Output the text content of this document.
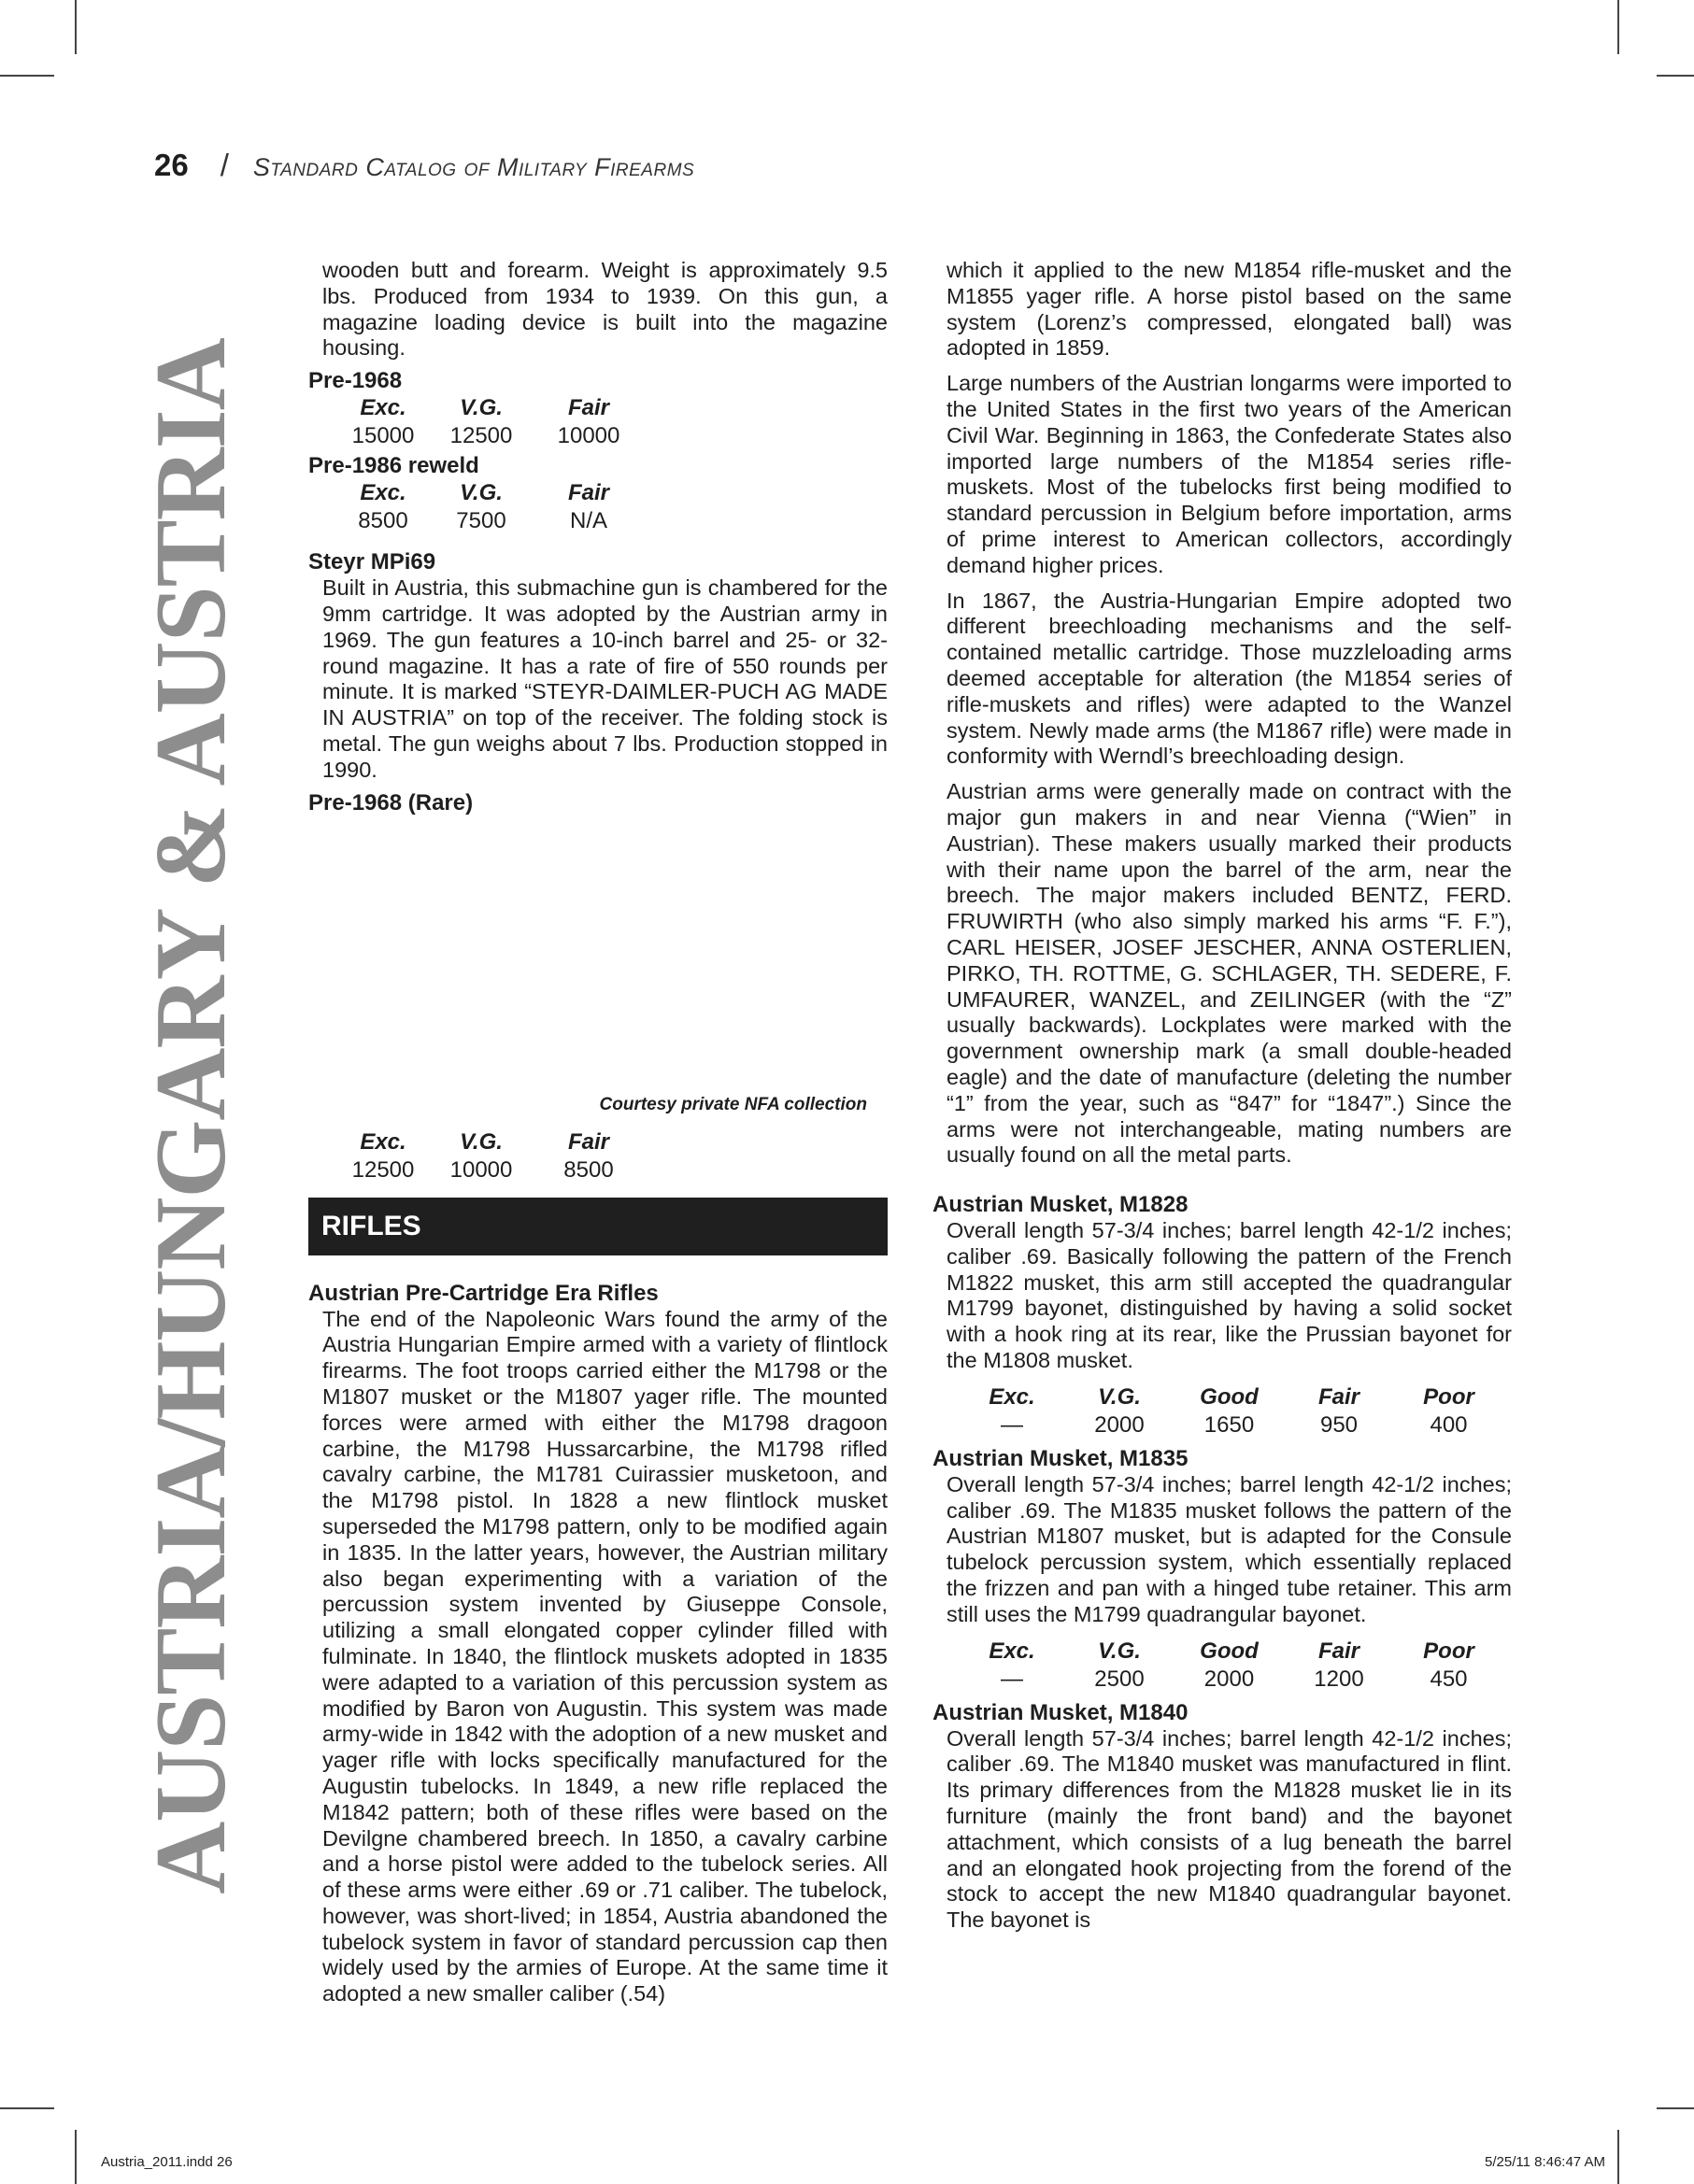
26 / Standard Catalog of Military Firearms
AUSTRIA/HUNGARY & AUSTRIA

wooden butt and forearm. Weight is approximately 9.5 lbs. Produced from 1934 to 1939. On this gun, a magazine loading device is built into the magazine housing.

Pre-1968

Exc.	V.G.	Fair
15000	12500	10000

Pre-1986 reweld

Exc.	V.G.	Fair
8500	7500	N/A

Steyr MPi69

Built in Austria, this submachine gun is chambered for the 9mm cartridge. It was adopted by the Austrian army in 1969. The gun features a 10-inch barrel and 25- or 32-round magazine. It has a rate of fire of 550 rounds per minute. It is marked “STEYR-DAIMLER-PUCH AG MADE IN AUSTRIA” on top of the receiver. The folding stock is metal. The gun weighs about 7 lbs. Production stopped in 1990.

Pre-1968 (Rare)

Courtesy private NFA collection

Exc.	V.G.	Fair
12500	10000	8500
RIFLES

Austrian Pre-Cartridge Era Rifles

The end of the Napoleonic Wars found the army of the Austria Hungarian Empire armed with a variety of flintlock firearms. The foot troops carried either the M1798 or the M1807 musket or the M1807 yager rifle. The mounted forces were armed with either the M1798 dragoon carbine, the M1798 Hussarcarbine, the M1798 rifled cavalry carbine, the M1781 Cuirassier musketoon, and the M1798 pistol. In 1828 a new flintlock musket superseded the M1798 pattern, only to be modified again in 1835. In the latter years, however, the Austrian military also began experimenting with a variation of the percussion system invented by Giuseppe Console, utilizing a small elongated copper cylinder filled with fulminate. In 1840, the flintlock muskets adopted in 1835 were adapted to a variation of this percussion system as modified by Baron von Augustin. This system was made army-wide in 1842 with the adoption of a new musket and yager rifle with locks specifically manufactured for the Augustin tubelocks. In 1849, a new rifle replaced the M1842 pattern; both of these rifles were based on the Devilgne chambered breech. In 1850, a cavalry carbine and a horse pistol were added to the tubelock series. All of these arms were either .69 or .71 caliber. The tubelock, however, was short-lived; in 1854, Austria abandoned the tubelock system in favor of standard percussion cap then widely used by the armies of Europe. At the same time it adopted a new smaller caliber (.54)

which it applied to the new M1854 rifle-musket and the M1855 yager rifle. A horse pistol based on the same system (Lorenz’s compressed, elongated ball) was adopted in 1859.

Large numbers of the Austrian longarms were imported to the United States in the first two years of the American Civil War. Beginning in 1863, the Confederate States also imported large numbers of the M1854 series rifle-muskets. Most of the tubelocks first being modified to standard percussion in Belgium before importation, arms of prime interest to American collectors, accordingly demand higher prices.

In 1867, the Austria-Hungarian Empire adopted two different breechloading mechanisms and the self-contained metallic cartridge. Those muzzleloading arms deemed acceptable for alteration (the M1854 series of rifle-muskets and rifles) were adapted to the Wanzel system. Newly made arms (the M1867 rifle) were made in conformity with Werndl’s breechloading design.

Austrian arms were generally made on contract with the major gun makers in and near Vienna (“Wien” in Austrian). These makers usually marked their products with their name upon the barrel of the arm, near the breech. The major makers included BENTZ, FERD. FRUWIRTH (who also simply marked his arms “F. F.”), CARL HEISER, JOSEF JESCHER, ANNA OSTERLIEN, PIRKO, TH. ROTTME, G. SCHLAGER, TH. SEDERE, F. UMFAURER, WANZEL, and ZEILINGER (with the “Z” usually backwards). Lockplates were marked with the government ownership mark (a small double-headed eagle) and the date of manufacture (deleting the number “1” from the year, such as “847” for “1847”.) Since the arms were not interchangeable, mating numbers are usually found on all the metal parts.

Austrian Musket, M1828

Overall length 57-3/4 inches; barrel length 42-1/2 inches; caliber .69. Basically following the pattern of the French M1822 musket, this arm still accepted the quadrangular M1799 bayonet, distinguished by having a solid socket with a hook ring at its rear, like the Prussian bayonet for the M1808 musket.

Exc.	V.G.	Good	Fair	Poor
—	2000	1650	950	400

Austrian Musket, M1835

Overall length 57-3/4 inches; barrel length 42-1/2 inches; caliber .69. The M1835 musket follows the pattern of the Austrian M1807 musket, but is adapted for the Consule tubelock percussion system, which essentially replaced the frizzen and pan with a hinged tube retainer. This arm still uses the M1799 quadrangular bayonet.

Exc.	V.G.	Good	Fair	Poor
—	2500	2000	1200	450

Austrian Musket, M1840

Overall length 57-3/4 inches; barrel length 42-1/2 inches; caliber .69. The M1840 musket was manufactured in flint. Its primary differences from the M1828 musket lie in its furniture (mainly the front band) and the bayonet attachment, which consists of a lug beneath the barrel and an elongated hook projecting from the forend of the stock to accept the new M1840 quadrangular bayonet. The bayonet is

Austria_2011.indd 26	5/25/11 8:46:47 AM
